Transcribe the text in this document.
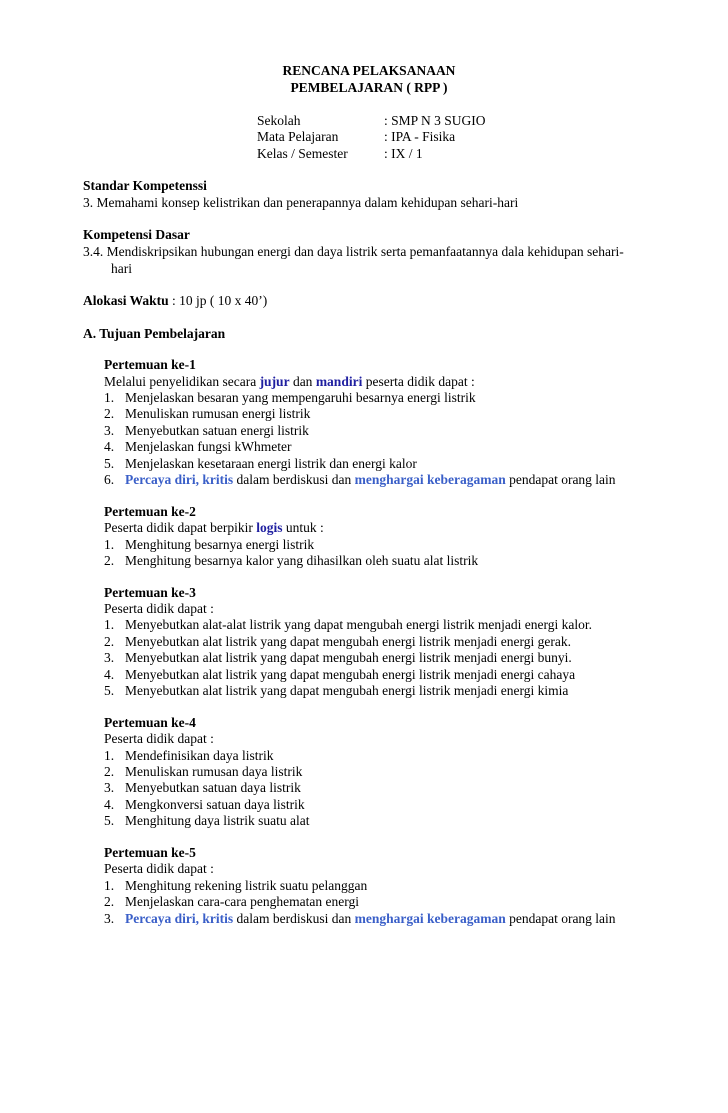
RENCANA PELAKSANAAN
PEMBELAJARAN ( RPP )
Sekolah	: SMP N 3 SUGIO
Mata Pelajaran	: IPA - Fisika
Kelas / Semester	: IX / 1
Standar Kompetenssi
3. Memahami konsep kelistrikan dan penerapannya dalam kehidupan sehari-hari
Kompetensi Dasar
3.4. Mendiskripsikan hubungan energi dan daya listrik serta pemanfaatannya dala kehidupan sehari-
hari
Alokasi Waktu : 10 jp ( 10 x 40’)
A. Tujuan Pembelajaran
Pertemuan ke-1
Melalui penyelidikan secara jujur dan mandiri peserta didik dapat :
1. Menjelaskan besaran yang mempengaruhi besarnya energi listrik
2. Menuliskan rumusan energi listrik
3. Menyebutkan satuan energi listrik
4. Menjelaskan fungsi kWhmeter
5. Menjelaskan kesetaraan energi listrik dan energi kalor
6. Percaya diri, kritis dalam berdiskusi dan menghargai keberagaman pendapat orang lain
Pertemuan ke-2
Peserta didik dapat berpikir logis untuk :
1. Menghitung besarnya energi listrik
2. Menghitung besarnya kalor yang dihasilkan oleh suatu alat listrik
Pertemuan ke-3
Peserta didik dapat :
1. Menyebutkan alat-alat listrik yang dapat mengubah energi listrik menjadi energi kalor.
2. Menyebutkan alat listrik yang dapat mengubah energi listrik menjadi energi gerak.
3. Menyebutkan alat listrik yang dapat mengubah energi listrik menjadi energi bunyi.
4. Menyebutkan alat listrik yang dapat mengubah energi listrik menjadi energi cahaya
5. Menyebutkan alat listrik yang dapat mengubah energi listrik menjadi energi kimia
Pertemuan ke-4
Peserta didik dapat :
1. Mendefinisikan daya listrik
2. Menuliskan rumusan daya listrik
3. Menyebutkan satuan daya listrik
4. Mengkonversi satuan daya listrik
5. Menghitung daya listrik suatu alat
Pertemuan ke-5
Peserta didik dapat :
1. Menghitung rekening listrik suatu pelanggan
2. Menjelaskan cara-cara penghematan energi
3. Percaya diri, kritis dalam berdiskusi dan menghargai keberagaman pendapat orang lain
